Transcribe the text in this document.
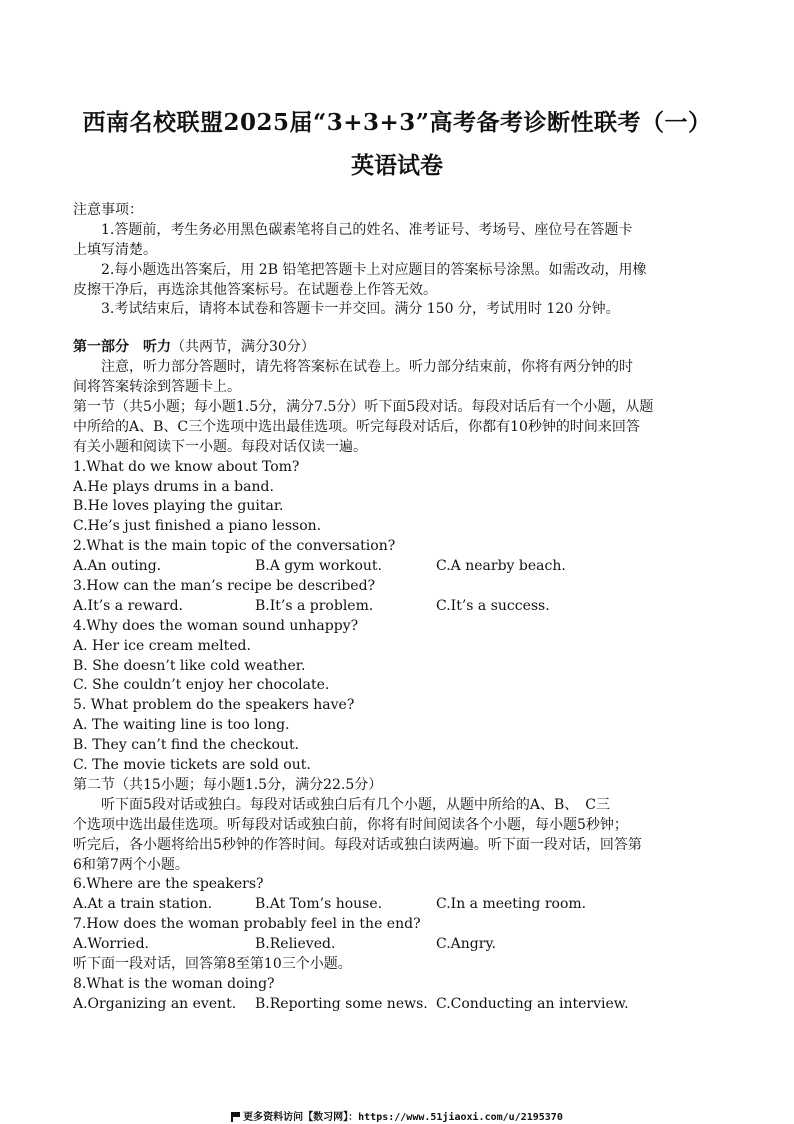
西南名校联盟2025届“3+3+3”高考备考诊断性联考（一）
英语试卷
注意事项：
1.答题前，考生务必用黑色碳素笔将自己的姓名、准考证号、考场号、座位号在答题卡
上填写清楚。
2.每小题选出答案后，用 2B 铅笔把答题卡上对应题目的答案标号涂黑。如需改动，用橡
皮擦干净后，再选涂其他答案标号。在试题卷上作答无效。
3.考试结束后，请将本试卷和答题卡一并交回。满分 150 分，考试用时 120 分钟。
第一部分　听力（共两节，满分30分）
注意，听力部分答题时，请先将答案标在试卷上。听力部分结束前，你将有两分钟的时
间将答案转涂到答题卡上。
第一节（共5小题；每小题1.5分，满分7.5分）听下面5段对话。每段对话后有一个小题，从题
中所给的A、B、C三个选项中选出最佳选项。听完每段对话后，你都有10秒钟的时间来回答
有关小题和阅读下一小题。每段对话仅读一遍。
1.What do we know about Tom?
A.He plays drums in a band.
B.He loves playing the guitar.
C.He’s just finished a piano lesson.
2.What is the main topic of the conversation?
A.An outing.	B.A gym workout.	C.A nearby beach.
3.How can the man’s recipe be described?
A.It’s a reward.	B.It’s a problem.	C.It’s a success.
4.Why does the woman sound unhappy?
A. Her ice cream melted.
B. She doesn’t like cold weather.
C. She couldn’t enjoy her chocolate.
5. What problem do the speakers have?
A. The waiting line is too long.
B. They can’t find the checkout.
C. The movie tickets are sold out.
第二节（共15小题；每小题1.5分，满分22.5分）
听下面5段对话或独白。每段对话或独白后有几个小题，从题中所给的A、B、　C三
个选项中选出最佳选项。听每段对话或独白前，你将有时间阅读各个小题，每小题5秒钟；
听完后，各小题将给出5秒钟的作答时间。每段对话或独白读两遍。听下面一段对话，回答第
6和第7两个小题。
6.Where are the speakers?
A.At a train station.	B.At Tom’s house.	C.In a meeting room.
7.How does the woman probably feel in the end?
A.Worried.	B.Relieved.	C.Angry.
听下面一段对话，回答第8至第10三个小题。
8.What is the woman doing?
A.Organizing an event. B.Reporting some news. C.Conducting an interview.
更多资料访问【数习网】：https://www.51jiaoxi.com/u/2195370
